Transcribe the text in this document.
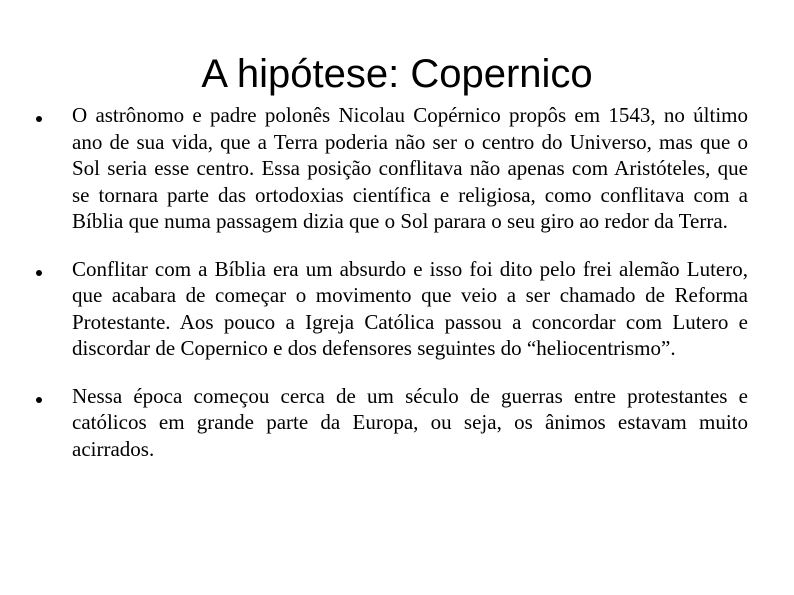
A hipótese: Copernico
O astrônomo e padre polonês Nicolau Copérnico propôs em 1543, no último ano de sua vida, que a Terra poderia não ser o centro do Universo, mas que o Sol seria esse centro. Essa posição conflitava não apenas com Aristóteles, que se tornara parte das ortodoxias científica e religiosa, como conflitava com a Bíblia que numa passagem dizia que o Sol parara o seu giro ao redor da Terra.
Conflitar com a Bíblia era um absurdo e isso foi dito pelo frei alemão Lutero, que acabara de começar o movimento que veio a ser chamado de Reforma Protestante. Aos pouco a Igreja Católica passou a concordar com Lutero e discordar de Copernico e dos defensores seguintes do “heliocentrismo”.
Nessa época começou cerca de um século de guerras entre protestantes e católicos em grande parte da Europa, ou seja, os ânimos estavam muito acirrados.
